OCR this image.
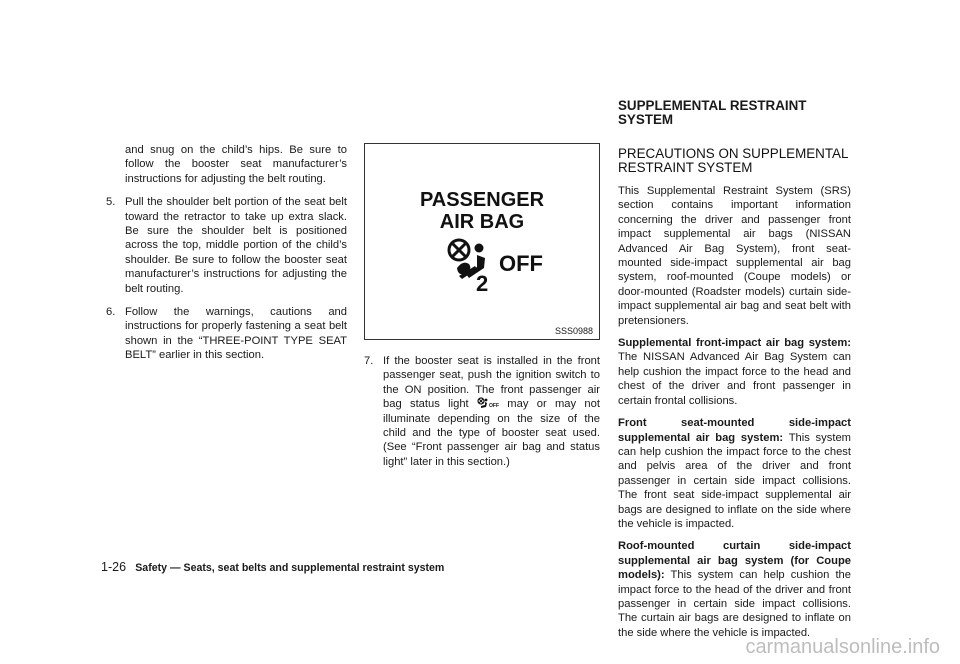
and snug on the child’s hips. Be sure to follow the booster seat manufacturer’s instructions for adjusting the belt routing.

5. Pull the shoulder belt portion of the seat belt toward the retractor to take up extra slack. Be sure the shoulder belt is positioned across the top, middle portion of the child’s shoulder. Be sure to follow the booster seat manufacturer’s instructions for adjusting the belt routing.

6. Follow the warnings, cautions and instructions for properly fastening a seat belt shown in the “THREE-POINT TYPE SEAT BELT” earlier in this section.

PASSENGER
AIR BAG
2
OFF
SSS0988
7. If the booster seat is installed in the front passenger seat, push the ignition switch to the ON position. The front passenger air bag status light	OFF may or may not illuminate depending on the size of the child and the type of booster seat used. (See “Front passenger air bag and status light” later in this section.)

SUPPLEMENTAL RESTRAINT SYSTEM
PRECAUTIONS ON SUPPLEMENTAL RESTRAINT SYSTEM

This Supplemental Restraint System (SRS) section contains important information concerning the driver and passenger front impact supplemental air bags (NISSAN Advanced Air Bag System), front seat-mounted side-impact supplemental air bag system, roof-mounted (Coupe models) or door-mounted (Roadster models) curtain side-impact supplemental air bag and seat belt with pretensioners.

Supplemental front-impact air bag system: The NISSAN Advanced Air Bag System can help cushion the impact force to the head and chest of the driver and front passenger in certain frontal collisions.

Front seat-mounted side-impact supplemental air bag system: This system can help cushion the impact force to the chest and pelvis area of the driver and front passenger in certain side impact collisions. The front seat side-impact supplemental air bags are designed to inflate on the side where the vehicle is impacted.

Roof-mounted curtain side-impact supplemental air bag system (for Coupe models): This system can help cushion the impact force to the head of the driver and front passenger in certain side impact collisions. The curtain air bags are designed to inflate on the side where the vehicle is impacted.

1-26 Safety — Seats, seat belts and supplemental restraint system
carmanualsonline.info
